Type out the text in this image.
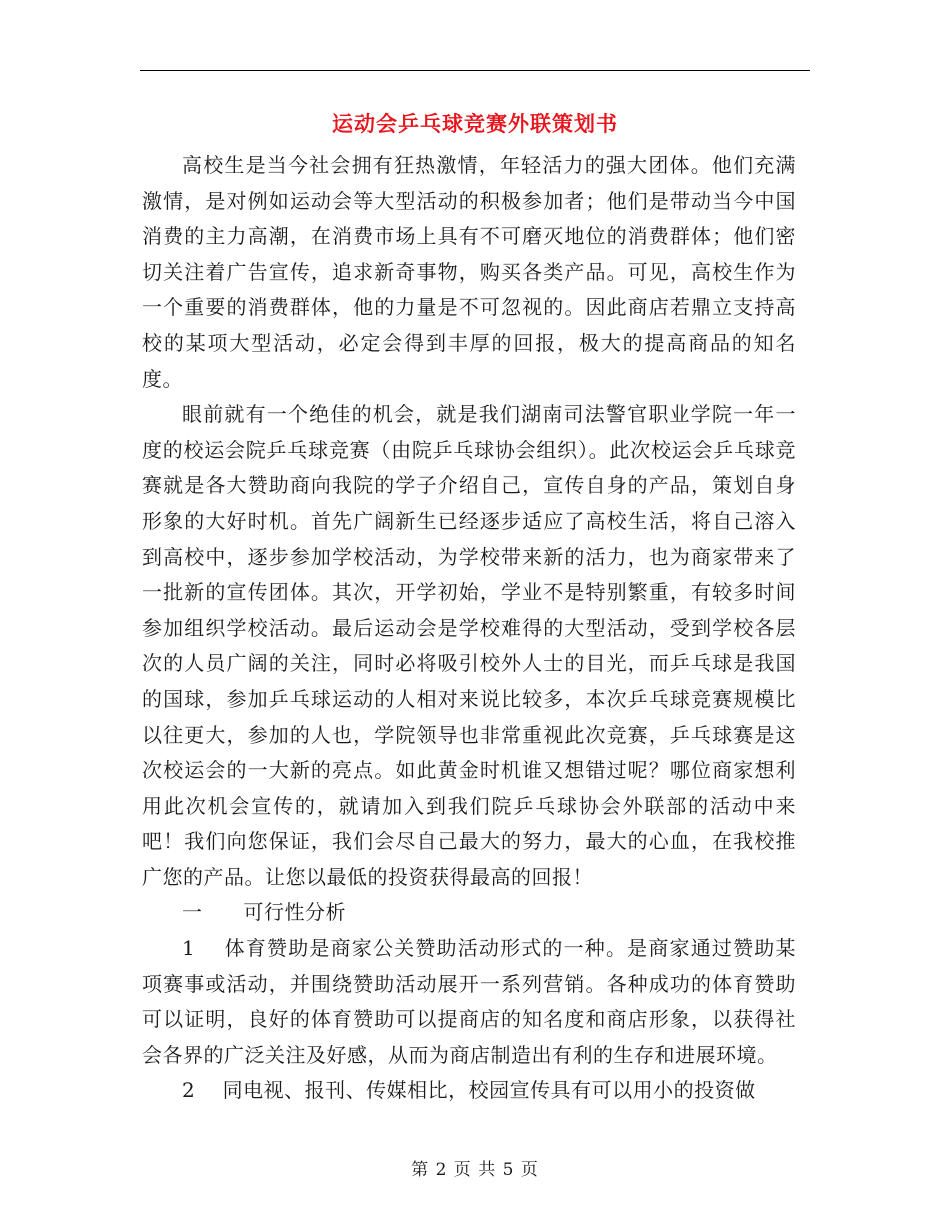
运动会乒乓球竞赛外联策划书

高校生是当今社会拥有狂热激情，年轻活力的强大团体。他们充满激情，是对例如运动会等大型活动的积极参加者；他们是带动当今中国消费的主力高潮，在消费市场上具有不可磨灭地位的消费群体；他们密切关注着广告宣传，追求新奇事物，购买各类产品。可见，高校生作为一个重要的消费群体，他的力量是不可忽视的。因此商店若鼎立支持高校的某项大型活动，必定会得到丰厚的回报，极大的提高商品的知名度。

眼前就有一个绝佳的机会，就是我们湖南司法警官职业学院一年一度的校运会院乒乓球竞赛（由院乒乓球协会组织）。此次校运会乒乓球竞赛就是各大赞助商向我院的学子介绍自己，宣传自身的产品，策划自身形象的大好时机。首先广阔新生已经逐步适应了高校生活，将自己溶入到高校中，逐步参加学校活动，为学校带来新的活力，也为商家带来了一批新的宣传团体。其次，开学初始，学业不是特别繁重，有较多时间参加组织学校活动。最后运动会是学校难得的大型活动，受到学校各层次的人员广阔的关注，同时必将吸引校外人士的目光，而乒乓球是我国的国球，参加乒乓球运动的人相对来说比较多，本次乒乓球竞赛规模比以往更大，参加的人也，学院领导也非常重视此次竞赛，乒乓球赛是这次校运会的一大新的亮点。如此黄金时机谁又想错过呢？哪位商家想利用此次机会宣传的，就请加入到我们院乒乓球协会外联部的活动中来吧！我们向您保证，我们会尽自己最大的努力，最大的心血，在我校推广您的产品。让您以最低的投资获得最高的回报！

一　　可行性分析

1　 体育赞助是商家公关赞助活动形式的一种。是商家通过赞助某项赛事或活动，并围绕赞助活动展开一系列营销。各种成功的体育赞助可以证明，良好的体育赞助可以提商店的知名度和商店形象，以获得社会各界的广泛关注及好感，从而为商店制造出有利的生存和进展环境。

2　 同电视、报刊、传媒相比，校园宣传具有可以用小的投资做

第 2 页 共 5 页
